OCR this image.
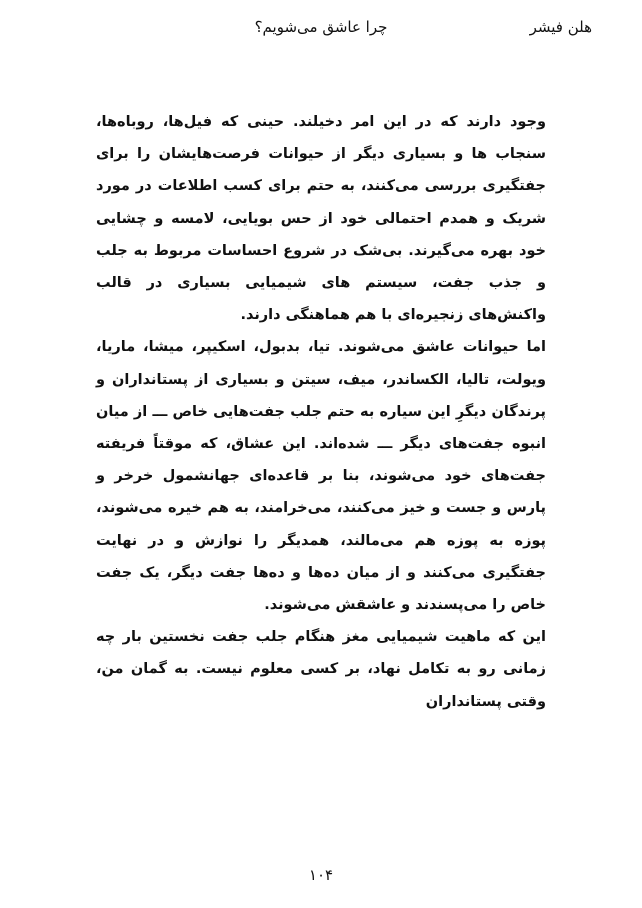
هلن فیشر
چرا عاشق می‌شویم؟

وجود دارند که در این امر دخیلند. حینی که فیل‌ها، روباه‌ها، سنجاب ها و بسیاری دیگر از حیوانات فرصت‌هایشان را برای جفتگیری بررسی می‌کنند، به حتم برای کسب اطلاعات در مورد شریک و همدم احتمالی خود از حس بویایی، لامسه و چشایی خود بهره می‌گیرند. بی‌شک در شروع احساسات مربوط به جلب و جذب جفت، سیستم های شیمیایی بسیاری در قالب واکنش‌های زنجیره‌ای با هم هماهنگی دارند.

اما حیوانات عاشق می‌شوند. تیا، بدبول، اسکیپر، میشا، ماریا، ویولت، تالیا، الکساندر، میف، سیتن و بسیاری از پستانداران و پرندگان دیگرِ این سیاره به حتم جلب جفت‌هایی خاص ـــ از میان انبوه جفت‌های دیگر ـــ شده‌اند. این عشاق، که موقتاً فریفته جفت‌های خود می‌شوند، بنا بر قاعده‌ای جهانشمول خرخر و پارس و جست و خیز می‌کنند، می‌خرامند، به هم خیره می‌شوند، پوزه به پوزه هم می‌مالند، همدیگر را نوازش و در نهایت جفتگیری می‌کنند و از میان ده‌ها و ده‌ها جفت دیگر، یک جفت خاص را می‌پسندند و عاشقش می‌شوند.

این که ماهیت شیمیایی مغز هنگام جلب جفت نخستین بار چه زمانی رو به تکامل نهاد، بر کسی معلوم نیست. به گمان من، وقتی پستانداران

۱۰۴
